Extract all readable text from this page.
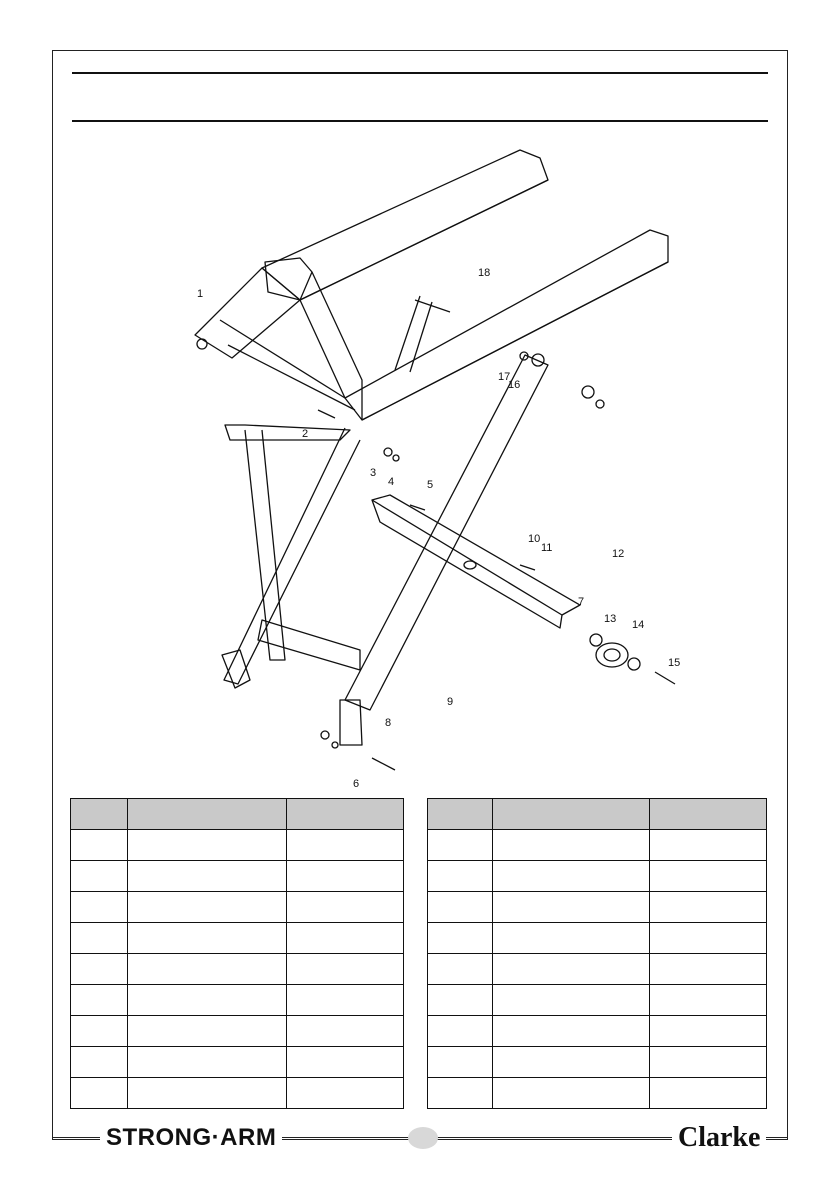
1
2
3
4	5
6
7
8
9
10
11	12
13 14
15
16
17
18

STRONG·ARM	Clarke
